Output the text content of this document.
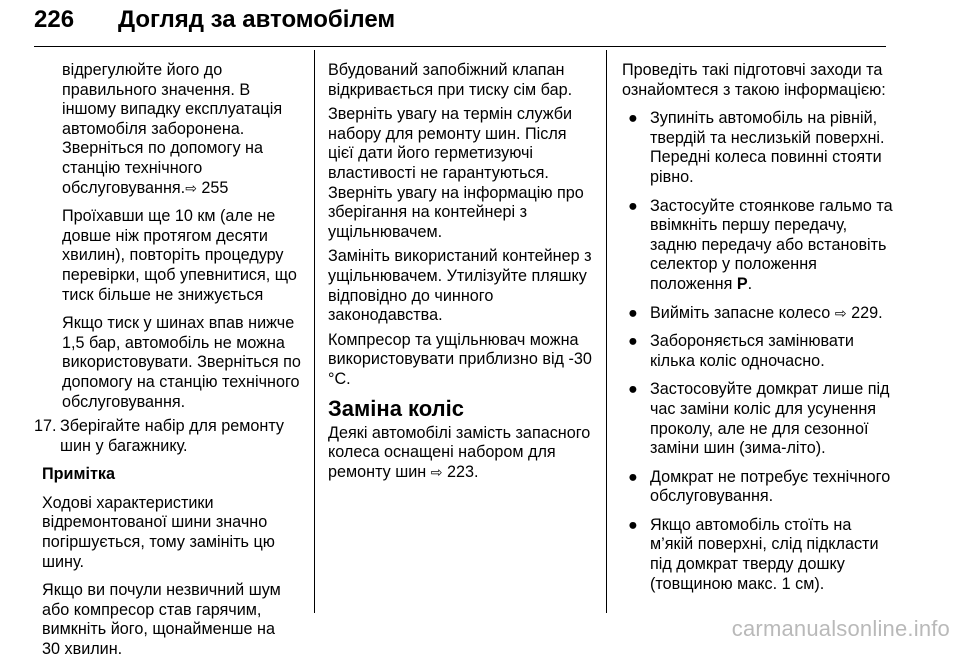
226 Догляд за автомобілем

відрегулюйте його до правильного значення. В іншому випадку експлуатація автомобіля заборонена. Зверніться по допомогу на станцію технічного обслуговування.⇨ 255

Проїхавши ще 10 км (але не довше ніж протягом десяти хвилин), повторіть процедуру перевірки, щоб упевнитися, що тиск більше не знижується

Якщо тиск у шинах впав нижче 1,5 бар, автомобіль не можна використовувати. Зверніться по допомогу на станцію технічного обслуговування.

17. Зберігайте набір для ремонту шин у багажнику.

Примітка

Ходові характеристики відремонтованої шини значно погіршується, тому замініть цю шину.

Якщо ви почули незвичний шум або компресор став гарячим, вимкніть його, щонайменше на 30 хвилин.

Вбудований запобіжний клапан відкривається при тиску сім бар.

Зверніть увагу на термін служби набору для ремонту шин. Після цієї дати його герметизуючі властивості не гарантуються. Зверніть увагу на інформацію про зберігання на контейнері з ущільнювачем.

Замініть використаний контейнер з ущільнювачем. Утилізуйте пляшку відповідно до чинного законодавства.

Компресор та ущільнювач можна використовувати приблизно від -30 °C.

Заміна коліс

Деякі автомобілі замість запасного колеса оснащені набором для ремонту шин ⇨ 223.

Проведіть такі підготовчі заходи та ознайомтеся з такою інформацією:

● Зупиніть автомобіль на рівній, твердій та неслизькій поверхні. Передні колеса повинні стояти рівно.
● Застосуйте стоянкове гальмо та ввімкніть першу передачу, задню передачу або встановіть селектор у положення положення P.
● Вийміть запасне колесо ⇨ 229.
● Забороняється замінювати кілька коліс одночасно.
● Застосовуйте домкрат лише під час заміни коліс для усунення проколу, але не для сезонної заміни шин (зима-літо).
● Домкрат не потребує технічного обслуговування.
● Якщо автомобіль стоїть на м’якій поверхні, слід підкласти під домкрат тверду дошку (товщиною макс. 1 см).
carmanualsonline.info
